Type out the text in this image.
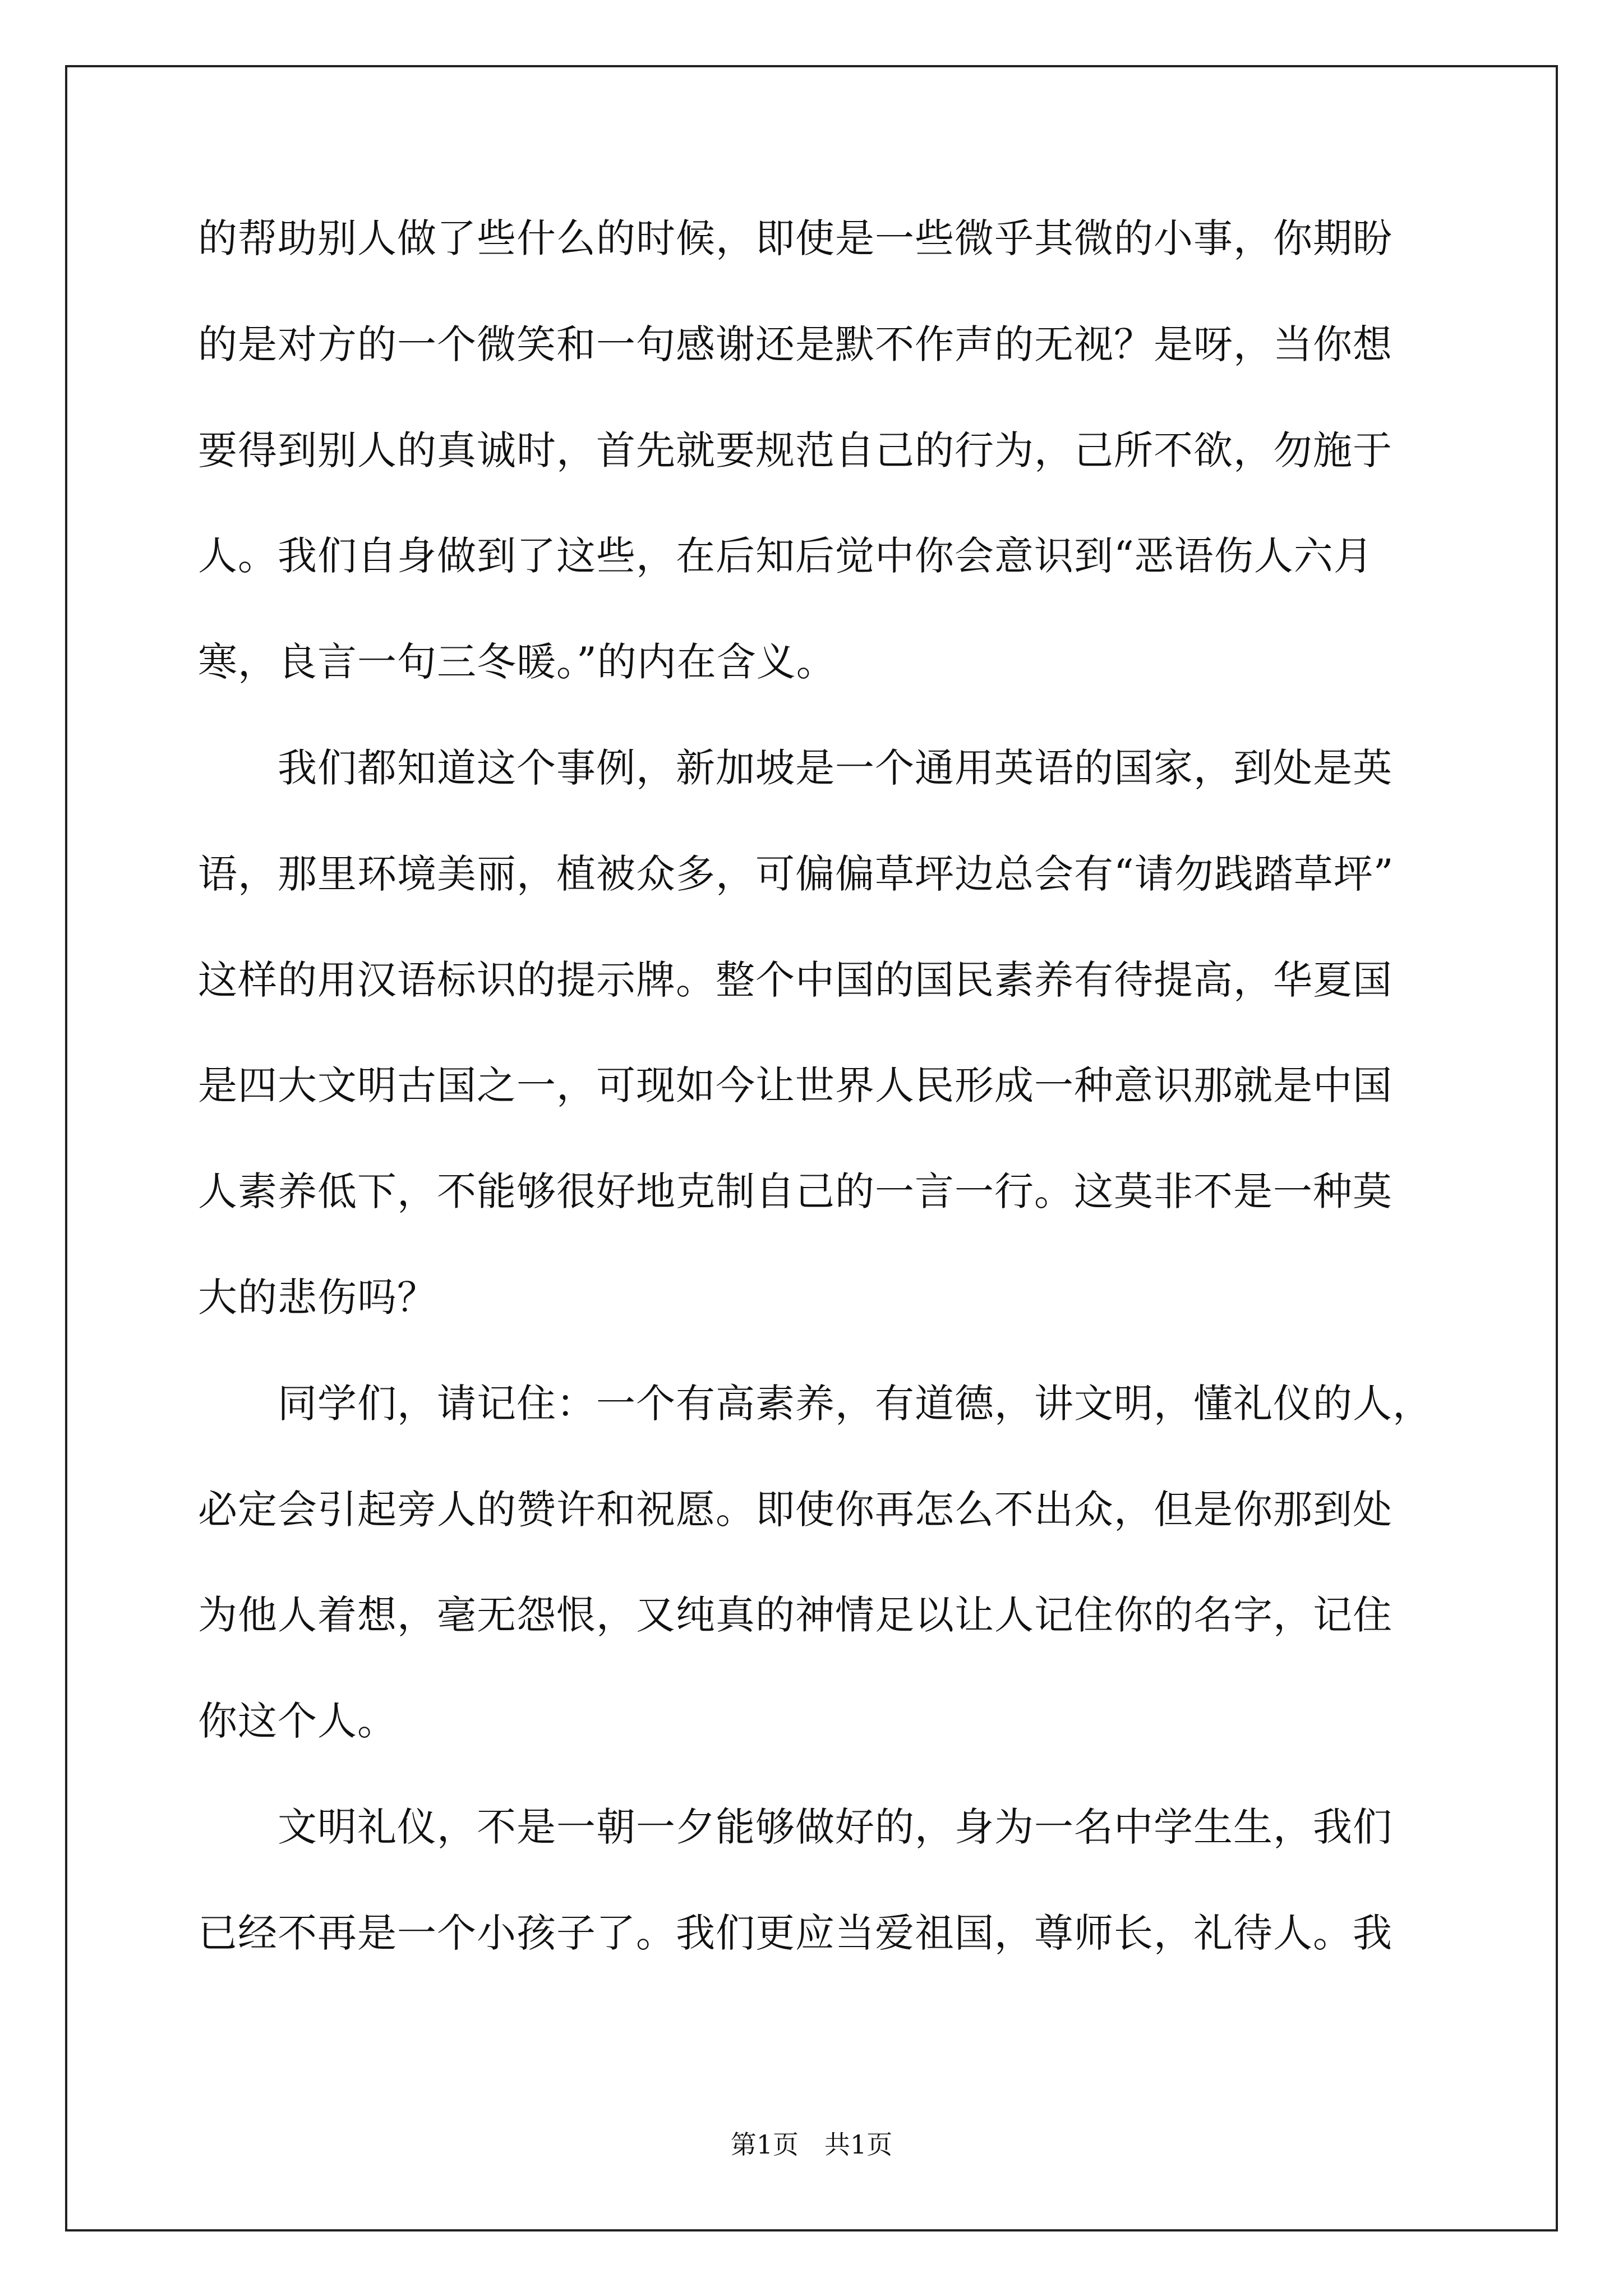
的帮助别人做了些什么的时候，即使是一些微乎其微的小事，你期盼
的是对方的一个微笑和一句感谢还是默不作声的无视？是呀，当你想
要得到别人的真诚时，首先就要规范自己的行为，己所不欲，勿施于
人。我们自身做到了这些，在后知后觉中你会意识到“恶语伤人六月
寒，良言一句三冬暖。”的内在含义。
　　我们都知道这个事例，新加坡是一个通用英语的国家，到处是英
语，那里环境美丽，植被众多，可偏偏草坪边总会有“请勿践踏草坪”
这样的用汉语标识的提示牌。整个中国的国民素养有待提高，华夏国
是四大文明古国之一，可现如今让世界人民形成一种意识那就是中国
人素养低下，不能够很好地克制自己的一言一行。这莫非不是一种莫
大的悲伤吗？
　　同学们，请记住：一个有高素养，有道德，讲文明，懂礼仪的人，
必定会引起旁人的赞许和祝愿。即使你再怎么不出众，但是你那到处
为他人着想，毫无怨恨，又纯真的神情足以让人记住你的名字，记住
你这个人。
　　文明礼仪，不是一朝一夕能够做好的，身为一名中学生生，我们
已经不再是一个小孩子了。我们更应当爱祖国，尊师长，礼待人。我
第1页　共1页
